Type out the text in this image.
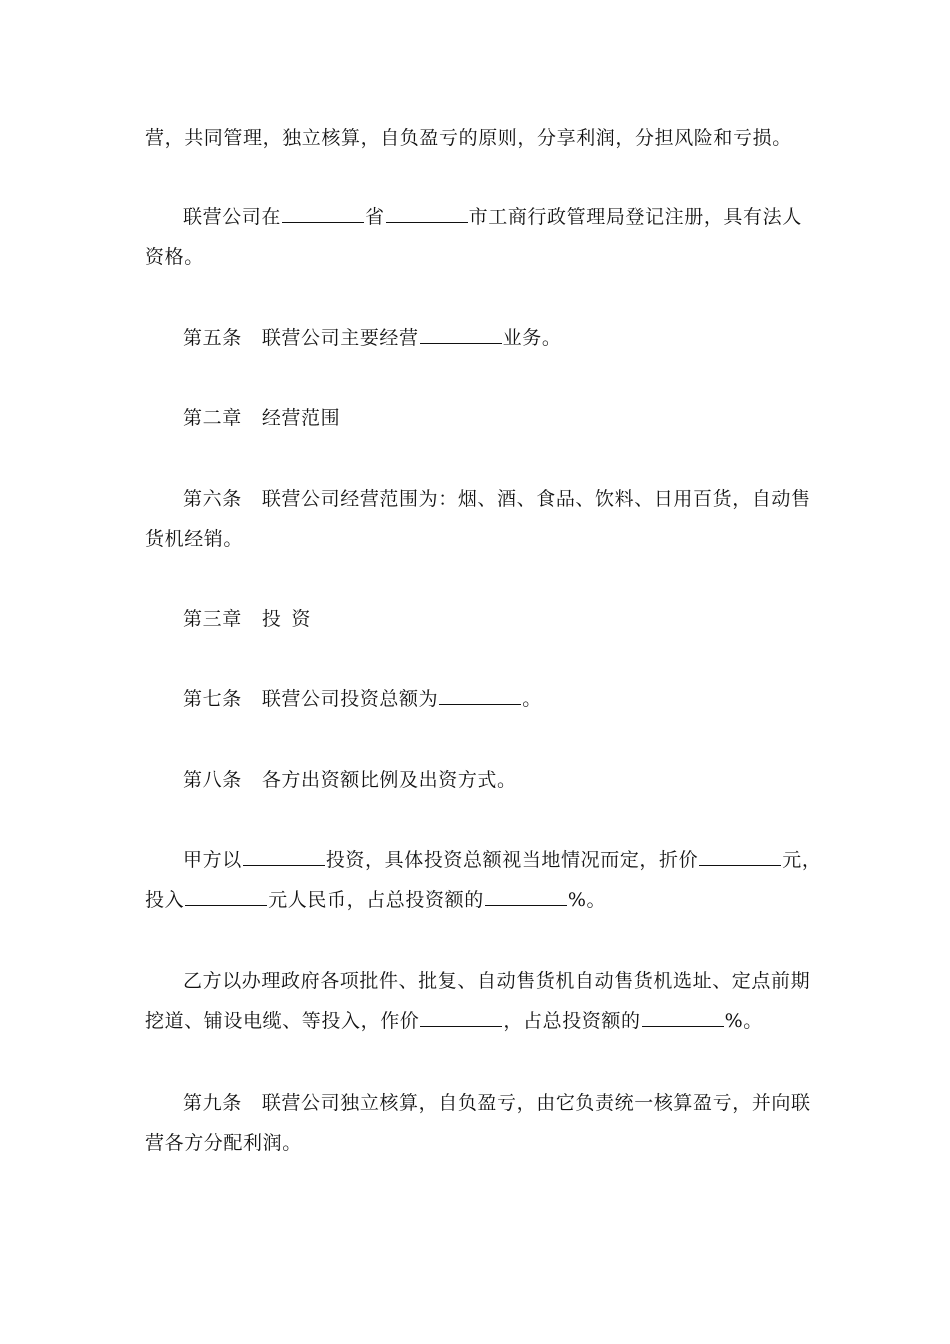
营，共同管理，独立核算，自负盈亏的原则，分享利润，分担风险和亏损。
联营公司在	省	市工商行政管理局登记注册，具有法人
资格。
第五条 联营公司主要经营	业务。
第二章 经营范围
第六条 联营公司经营范围为：烟、酒、食品、饮料、日用百货，自动售
货机经销。
第三章 投 资
第七条 联营公司投资总额为	。
第八条 各方出资额比例及出资方式。
甲方以	投资，具体投资总额视当地情况而定，折价	元，
投入	元人民币，占总投资额的	%。
乙方以办理政府各项批件、批复、自动售货机自动售货机选址、定点前期
挖道、铺设电缆、等投入，作价	，占总投资额的	%。
第九条 联营公司独立核算，自负盈亏，由它负责统一核算盈亏，并向联
营各方分配利润。
